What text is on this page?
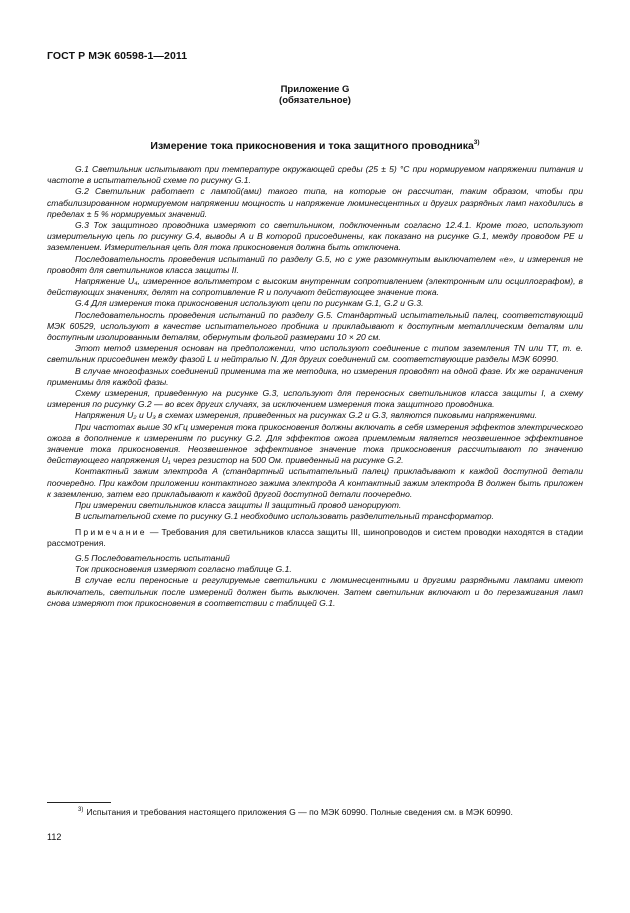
ГОСТ Р МЭК 60598-1—2011
Приложение G
(обязательное)
Измерение тока прикосновения и тока защитного проводника$^{3)}$

G.1 Светильник испытывают при температуре окружающей среды (25 ± 5) °С при нормируемом напряжении питания и частоте в испытательной схеме по рисунку G.1.

G.2 Светильник работает с лампой(ами) такого типа, на которые он рассчитан, таким образом, чтобы при стабилизированном нормируемом напряжении мощность и напряжение люминесцентных и других разрядных ламп находились в пределах ± 5 % нормируемых значений.

G.3 Ток защитного проводника измеряют со светильником, подключенным согласно 12.4.1. Кроме того, используют измерительную цепь по рисунку G.4, выводы А и В которой присоединены, как показано на рисунке G.1, между проводом РЕ и заземлением. Измерительная цепь для тока прикосновения должна быть отключена.

Последовательность проведения испытаний по разделу G.5, но с уже разомкнутым выключателем «е», и измерения не проводят для светильников класса защиты II.

Напряжение U₄, измеренное вольтметром с высоким внутренним сопротивлением (электронным или осциллографом), в действующих значениях, делят на сопротивление R и получают действующее значение тока.

G.4 Для измерения тока прикосновения используют цепи по рисункам G.1, G.2 и G.3.

Последовательность проведения испытаний по разделу G.5. Стандартный испытательный палец, соответствующий МЭК 60529, используют в качестве испытательного пробника и прикладывают к доступным металлическим деталям или доступным изолированным деталям, обернутым фольгой размерами 10 × 20 см.

Этот метод измерения основан на предположении, что используют соединение с типом заземления TN или TT, т. е. светильник присоединен между фазой L и нейтралью N. Для других соединений см. соответствующие разделы МЭК 60990.

В случае многофазных соединений применима та же методика, но измерения проводят на одной фазе. Их же ограничения применимы для каждой фазы.

Схему измерения, приведенную на рисунке G.3, используют для переносных светильников класса защиты I, а схему измерения по рисунку G.2 — во всех других случаях, за исключением измерения тока защитного проводника.

Напряжения U₂ и U₃ в схемах измерения, приведенных на рисунках G.2 и G.3, являются пиковыми напряжениями.

При частотах выше 30 кГц измерения тока прикосновения должны включать в себя измерения эффектов электрического ожога в дополнение к измерениям по рисунку G.2. Для эффектов ожога приемлемым является неозвешенное эффективное значение тока прикосновения. Неозвешенное эффективное значение тока прикосновения рассчитывают по значению действующего напряжения U₁ через резистор на 500 Ом. приведенный на рисунке G.2.

Контактный зажим электрода А (стандартный испытательный палец) прикладывают к каждой доступной детали поочередно. При каждом приложении контактного зажима электрода А контактный зажим электрода В должен быть приложен к заземлению, затем его прикладывают к каждой другой доступной детали поочередно.

При измерении светильников класса защиты II защитный провод игнорируют.

В испытательной схеме по рисунку G.1 необходимо использовать разделительный трансформатор.

Примечание — Требования для светильников класса защиты III, шинопроводов и систем проводки находятся в стадии рассмотрения.

G.5 Последовательность испытаний

Ток прикосновения измеряют согласно таблице G.1.

В случае если переносные и регулируемые светильники с люминесцентными и другими разрядными лампами имеют выключатель, светильник после измерений должен быть выключен. Затем светильник включают и до перезажигания ламп снова измеряют ток прикосновения в соответствии с таблицей G.1.

$^{3)}$ Испытания и требования настоящего приложения G — по МЭК 60990. Полные сведения см. в МЭК 60990.
112
